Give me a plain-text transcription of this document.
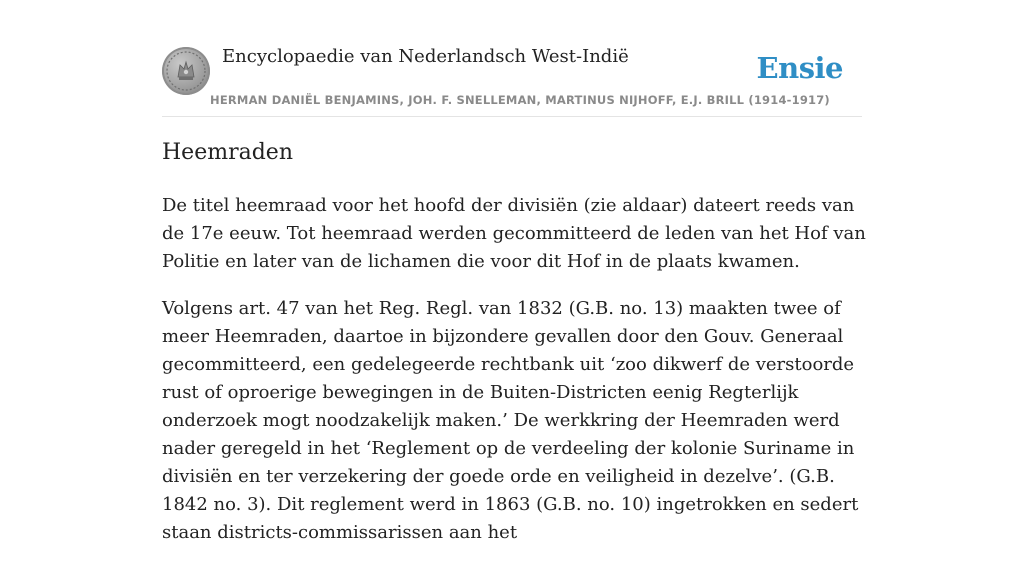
Encyclopaedie van Nederlandsch West-Indië	Ensie
HERMAN DANIËL BENJAMINS, JOH. F. SNELLEMAN, MARTINUS NIJHOFF, E.J. BRILL (1914-1917)
Heemraden

De titel heemraad voor het hoofd der divisiën (zie aldaar) dateert reeds van de 17e eeuw. Tot heemraad werden gecommitteerd de leden van het Hof van Politie en later van de lichamen die voor dit Hof in de plaats kwamen.

Volgens art. 47 van het Reg. Regl. van 1832 (G.B. no. 13) maakten twee of meer Heemraden, daartoe in bijzondere gevallen door den Gouv. Generaal gecommitteerd, een gedelegeerde rechtbank uit ‘zoo dikwerf de verstoorde rust of oproerige bewegingen in de Buiten-Districten eenig Regterlijk onderzoek mogt noodzakelijk maken.’ De werkkring der Heemraden werd nader geregeld in het ‘Reglement op de verdeeling der kolonie Suriname in divisiën en ter verzekering der goede orde en veiligheid in dezelve’. (G.B. 1842 no. 3). Dit reglement werd in 1863 (G.B. no. 10) ingetrokken en sedert staan districts-commissarissen aan het
